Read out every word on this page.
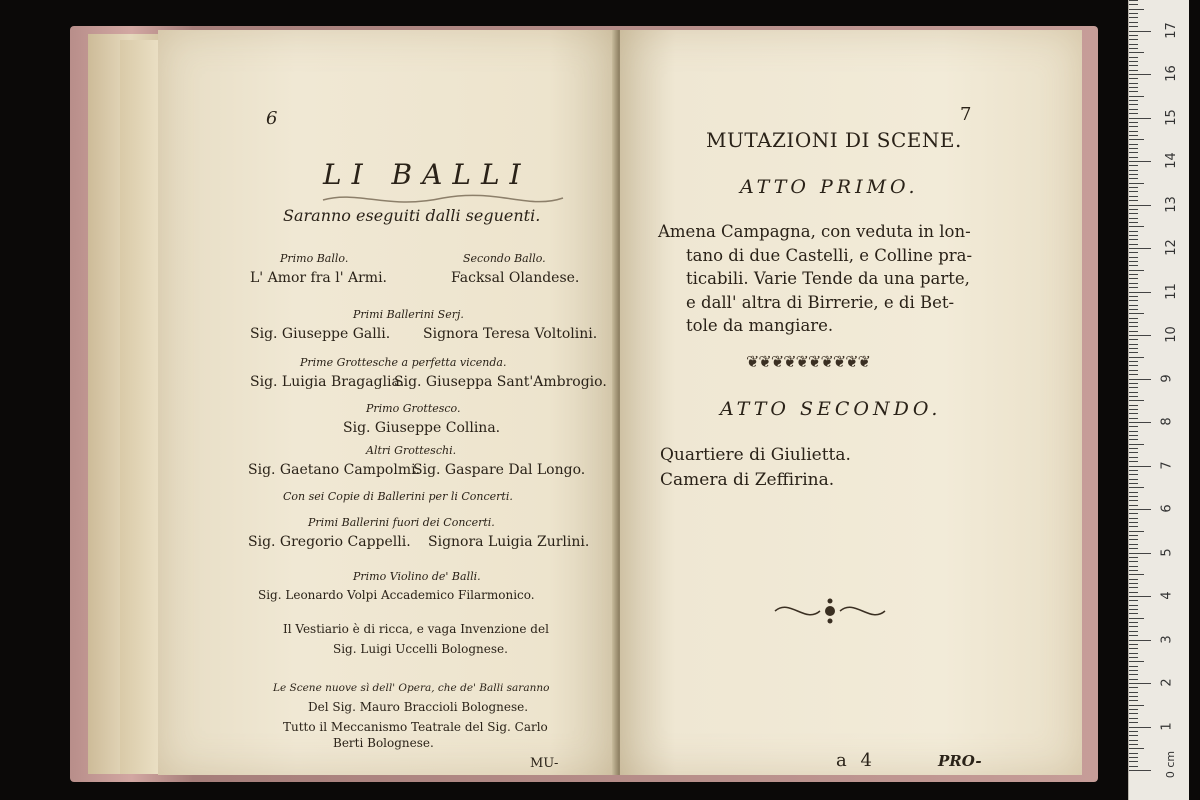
6
LI BALLI
Saranno eseguiti dalli seguenti.
Primo Ballo.
L' Amor fra l' Armi.
Secondo Ballo.
Facksal Olandese.
Primi Ballerini Serj.
Sig. Giuseppe Galli. Signora Teresa Voltolini.
Prime Grottesche a perfetta vicenda.
Sig. Luigia Bragaglia.
Sig. Giuseppa Sant'Ambrogio.
Primo Grottesco.
Sig. Giuseppe Collina.
Altri Grotteschi.
Sig. Gaetano Campolmi.
Sig. Gaspare Dal Longo.
Con sei Copie di Ballerini per li Concerti.
Primi Ballerini fuori dei Concerti.
Sig. Gregorio Cappelli. Signora Luigia Zurlini.
Primo Violino de' Balli.
Sig. Leonardo Volpi Accademico Filarmonico.
Il Vestiario è di ricca, e vaga Invenzione del
Sig. Luigi Uccelli Bolognese.
Le Scene nuove sì dell' Opera, che de' Balli saranno
Del Sig. Mauro Braccioli Bolognese.
Tutto il Meccanismo Teatrale del Sig. Carlo
Berti Bolognese.
MU-
7
MUTAZIONI DI SCENE.
ATTO PRIMO.
Amena Campagna, con veduta in lon-
tano di due Castelli, e Colline pra-
ticabili. Varie Tende da una parte,
e dall' altra di Birrerie, e di Bet-
tole da mangiare.
❦❦❦❦❦❦❦❦❦❦
ATTO SECONDO.
Quartiere di Giulietta.
Camera di Zeffirina.
a 4	PRO-	0 cm
1
2
3
4
5
6
7
8
9
10
11
12
13
14
15
16
17
